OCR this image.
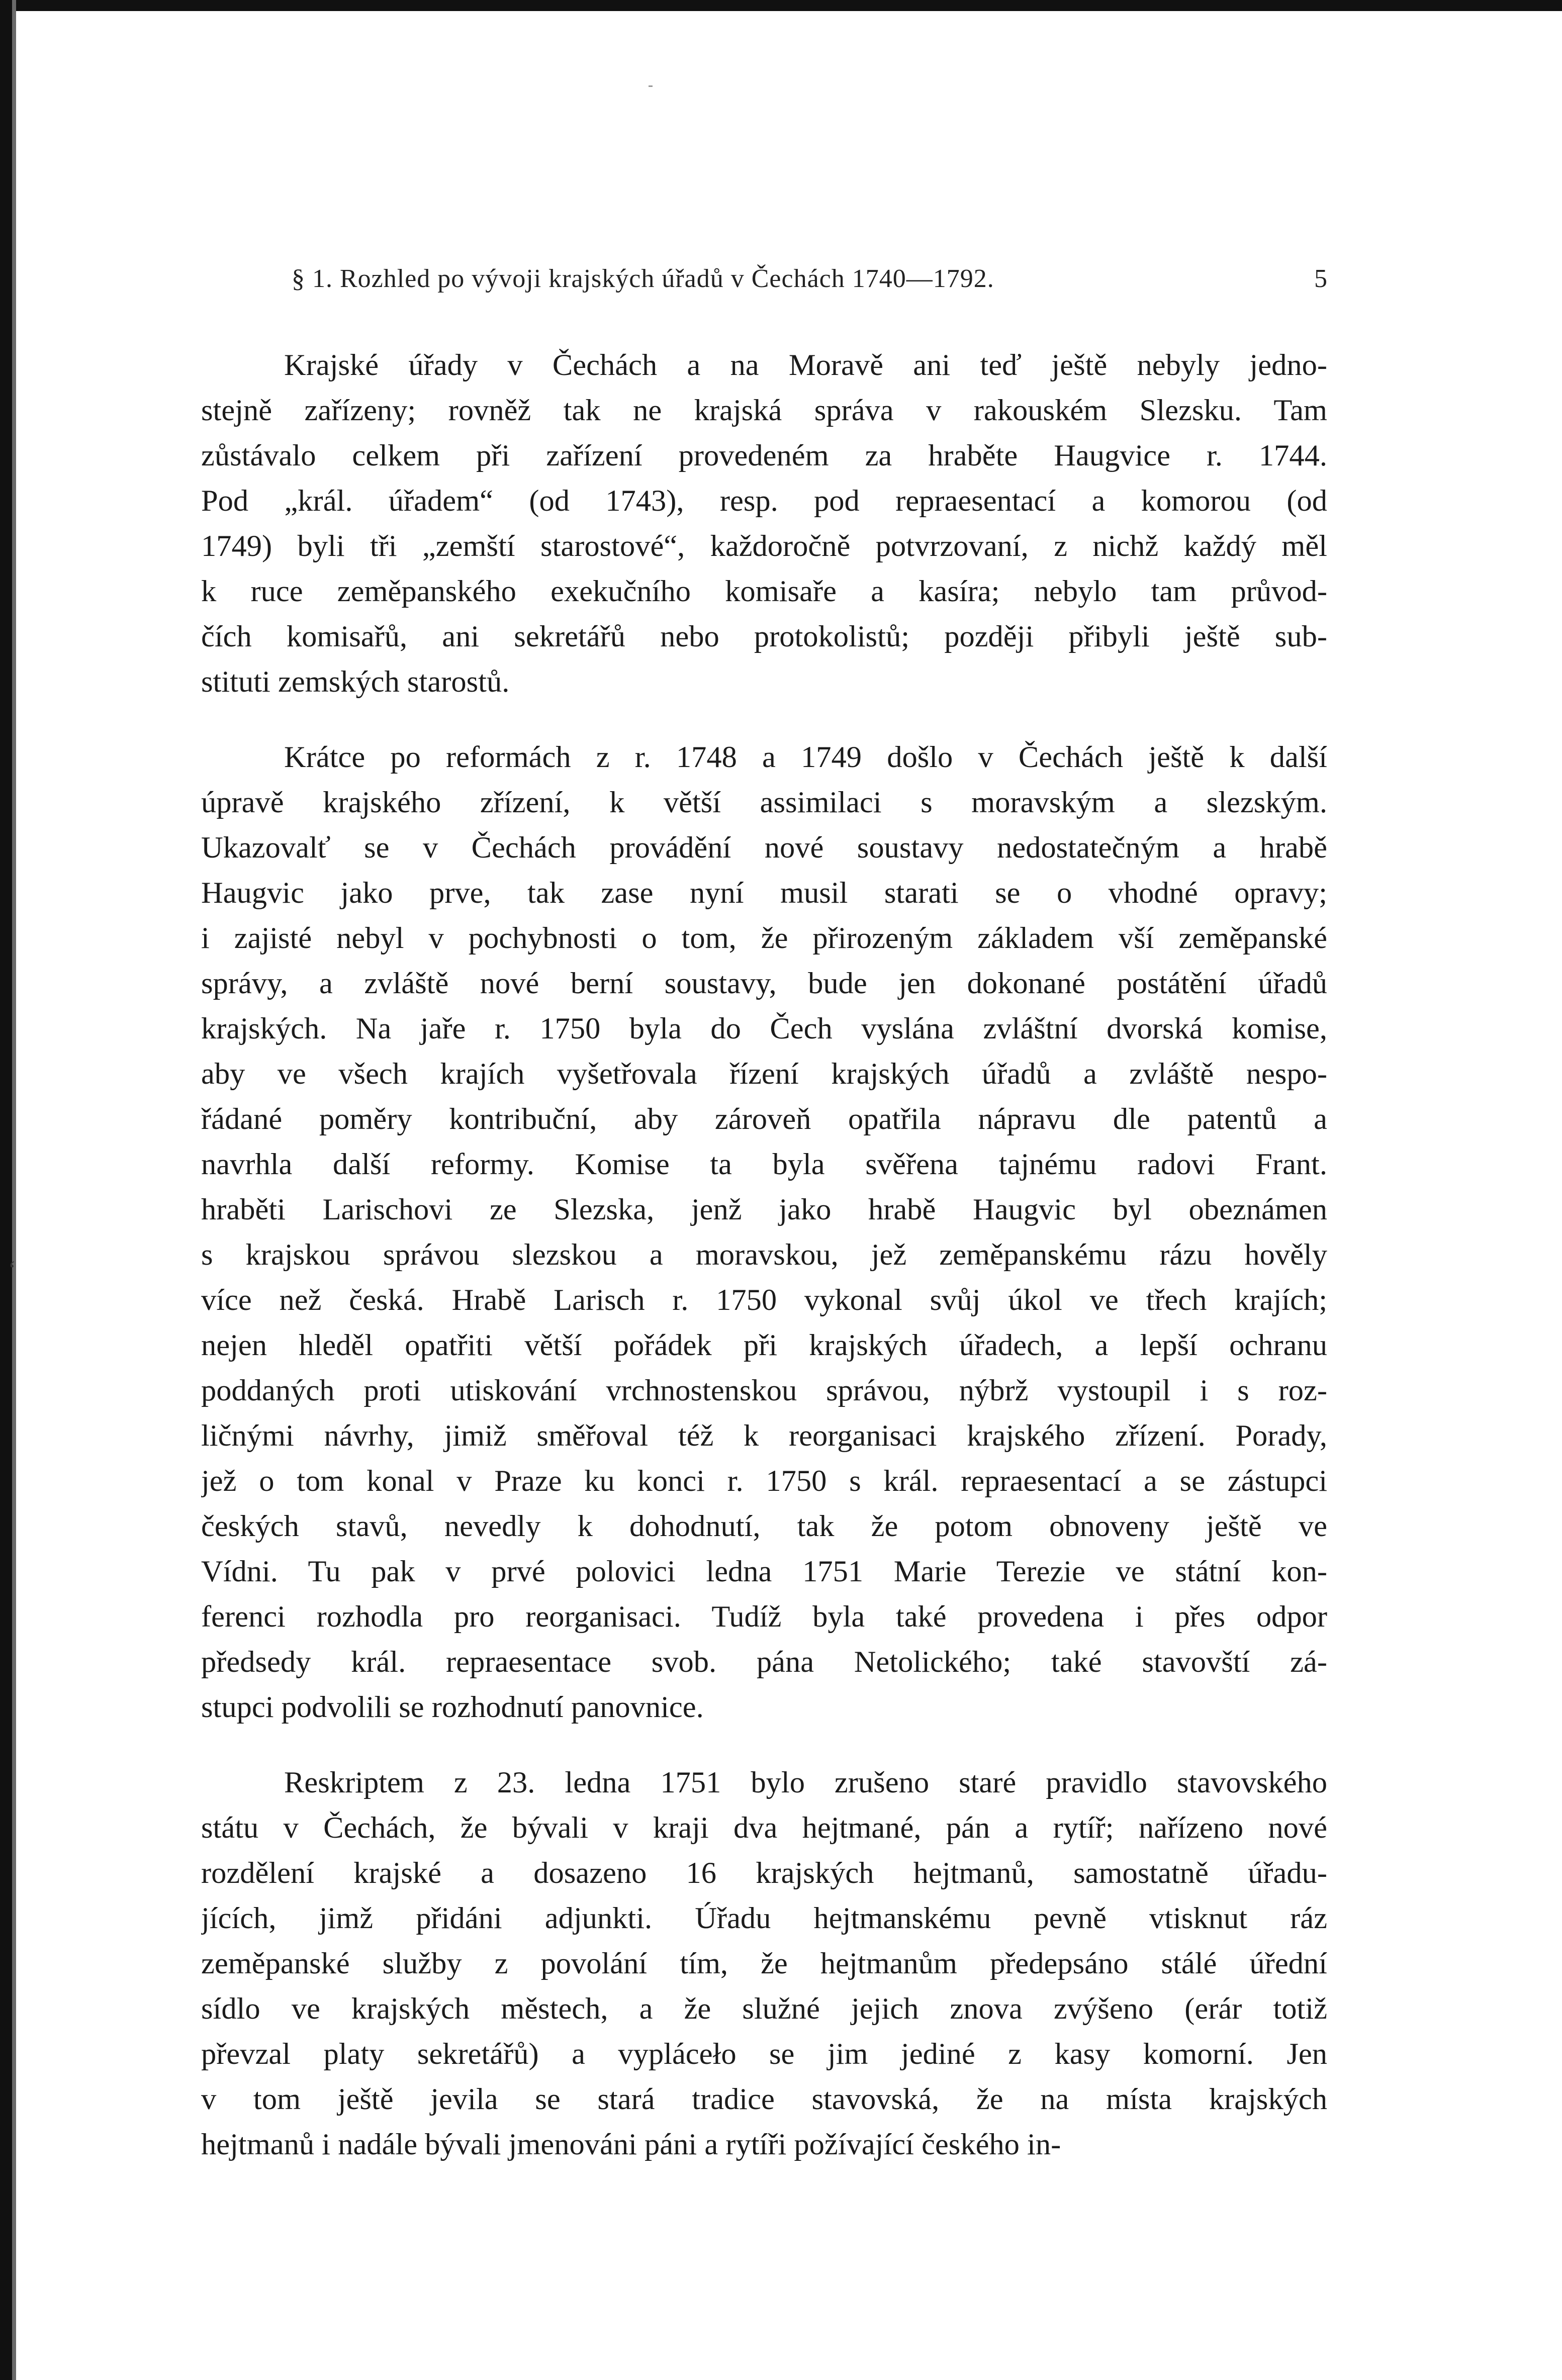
ʻ
§ 1. Rozhled po vývoji krajských úřadů v Čechách 1740—1792.	5
Krajské úřady v Čechách a na Moravě ani teď ještě nebyly jedno-
stejně zařízeny; rovněž tak ne krajská správa v rakouském Slezsku. Tam
zůstávalo celkem při zařízení provedeném za hraběte Haugvice r. 1744.
Pod „král. úřadem“ (od 1743), resp. pod repraesentací a komorou (od
1749) byli tři „zemští starostové“, každoročně potvrzovaní, z nichž každý měl
k ruce zeměpanského exekučního komisaře a kasíra; nebylo tam průvod-
čích komisařů, ani sekretářů nebo protokolistů; později přibyli ještě sub-
stituti zemských starostů.
Krátce po reformách z r. 1748 a 1749 došlo v Čechách ještě k další
úpravě krajského zřízení, k větší assimilaci s moravským a slezským.
Ukazovalť se v Čechách provádění nové soustavy nedostatečným a hrabě
Haugvic jako prve, tak zase nyní musil starati se o vhodné opravy;
i zajisté nebyl v pochybnosti o tom, že přirozeným základem vší zeměpanské
správy, a zvláště nové berní soustavy, bude jen dokonané postátění úřadů
krajských. Na jaře r. 1750 byla do Čech vyslána zvláštní dvorská komise,
aby ve všech krajích vyšetřovala řízení krajských úřadů a zvláště nespo-
řádané poměry kontribuční, aby zároveň opatřila nápravu dle patentů a
navrhla další reformy. Komise ta byla svěřena tajnému radovi Frant.
hraběti Larischovi ze Slezska, jenž jako hrabě Haugvic byl obeznámen
s krajskou správou slezskou a moravskou, jež zeměpanskému rázu hověly
více než česká. Hrabě Larisch r. 1750 vykonal svůj úkol ve třech krajích;
nejen hleděl opatřiti větší pořádek při krajských úřadech, a lepší ochranu
poddaných proti utiskování vrchnostenskou správou, nýbrž vystoupil i s roz-
ličnými návrhy, jimiž směřoval též k reorganisaci krajského zřízení. Porady,
jež o tom konal v Praze ku konci r. 1750 s král. repraesentací a se zástupci
českých stavů, nevedly k dohodnutí, tak že potom obnoveny ještě ve
Vídni. Tu pak v prvé polovici ledna 1751 Marie Terezie ve státní kon-
ferenci rozhodla pro reorganisaci. Tudíž byla také provedena i přes odpor
předsedy král. repraesentace svob. pána Netolického; také stavovští zá-
stupci podvolili se rozhodnutí panovnice.
Reskriptem z 23. ledna 1751 bylo zrušeno staré pravidlo stavovského
státu v Čechách, že bývali v kraji dva hejtmané, pán a rytíř; nařízeno nové
rozdělení krajské a dosazeno 16 krajských hejtmanů, samostatně úřadu-
jících, jimž přidáni adjunkti. Úřadu hejtmanskému pevně vtisknut ráz
zeměpanské služby z povolání tím, že hejtmanům předepsáno stálé úřední
sídlo ve krajských městech, a že služné jejich znova zvýšeno (erár totiž
převzal platy sekretářů) a vypláceło se jim jediné z kasy komorní. Jen
v tom ještě jevila se stará tradice stavovská, že na místa krajských
hejtmanů i nadále bývali jmenováni páni a rytíři požívající českého in-
